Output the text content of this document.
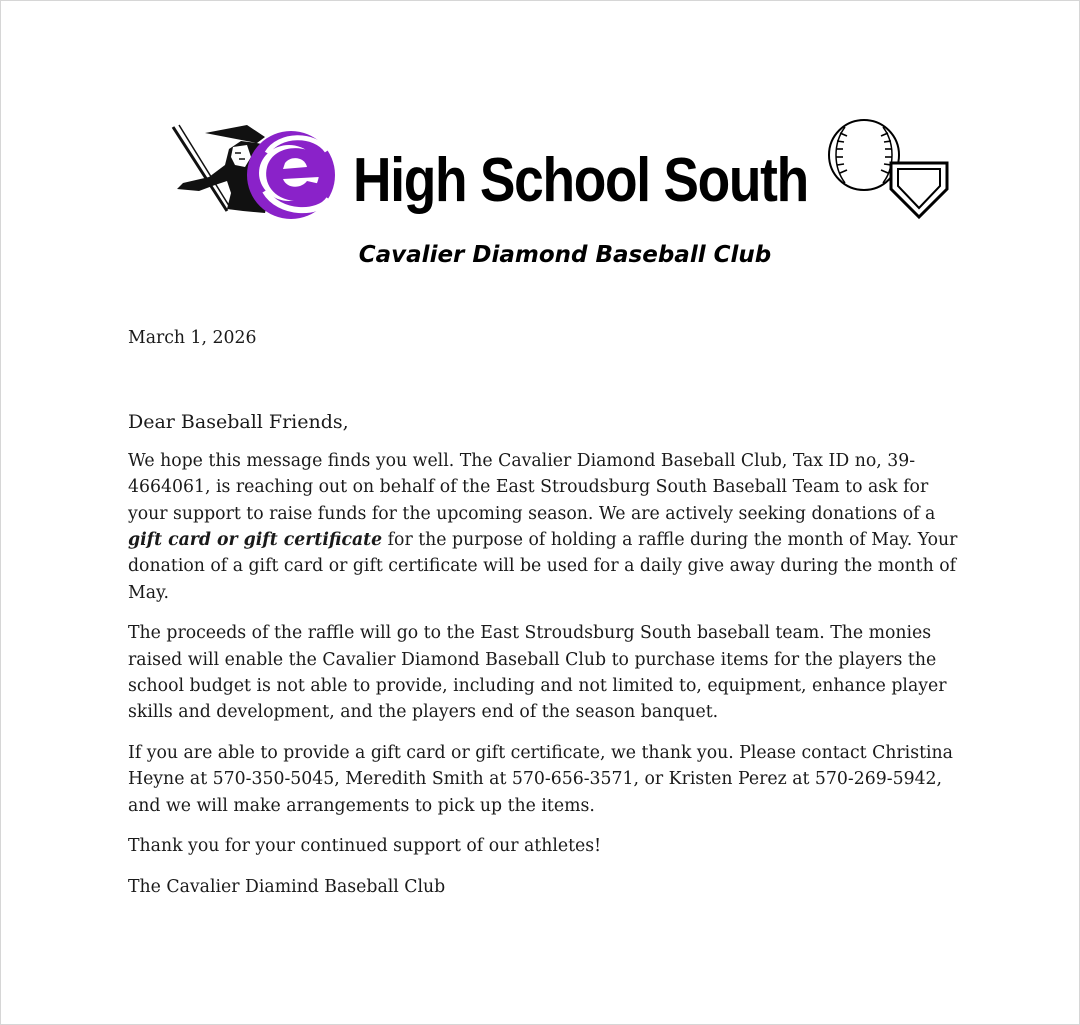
High School South
Cavalier Diamond Baseball Club

March 1, 2026

Dear Baseball Friends,

We hope this message finds you well. The Cavalier Diamond Baseball Club, Tax ID no, 39-4664061, is reaching out on behalf of the East Stroudsburg South Baseball Team to ask for your support to raise funds for the upcoming season. We are actively seeking donations of a gift card or gift certificate for the purpose of holding a raffle during the month of May. Your donation of a gift card or gift certificate will be used for a daily give away during the month of May.

The proceeds of the raffle will go to the East Stroudsburg South baseball team. The monies raised will enable the Cavalier Diamond Baseball Club to purchase items for the players the school budget is not able to provide, including and not limited to, equipment, enhance player skills and development, and the players end of the season banquet.

If you are able to provide a gift card or gift certificate, we thank you. Please contact Christina Heyne at 570-350-5045, Meredith Smith at 570-656-3571, or Kristen Perez at 570-269-5942, and we will make arrangements to pick up the items.

Thank you for your continued support of our athletes!

The Cavalier Diamind Baseball Club
